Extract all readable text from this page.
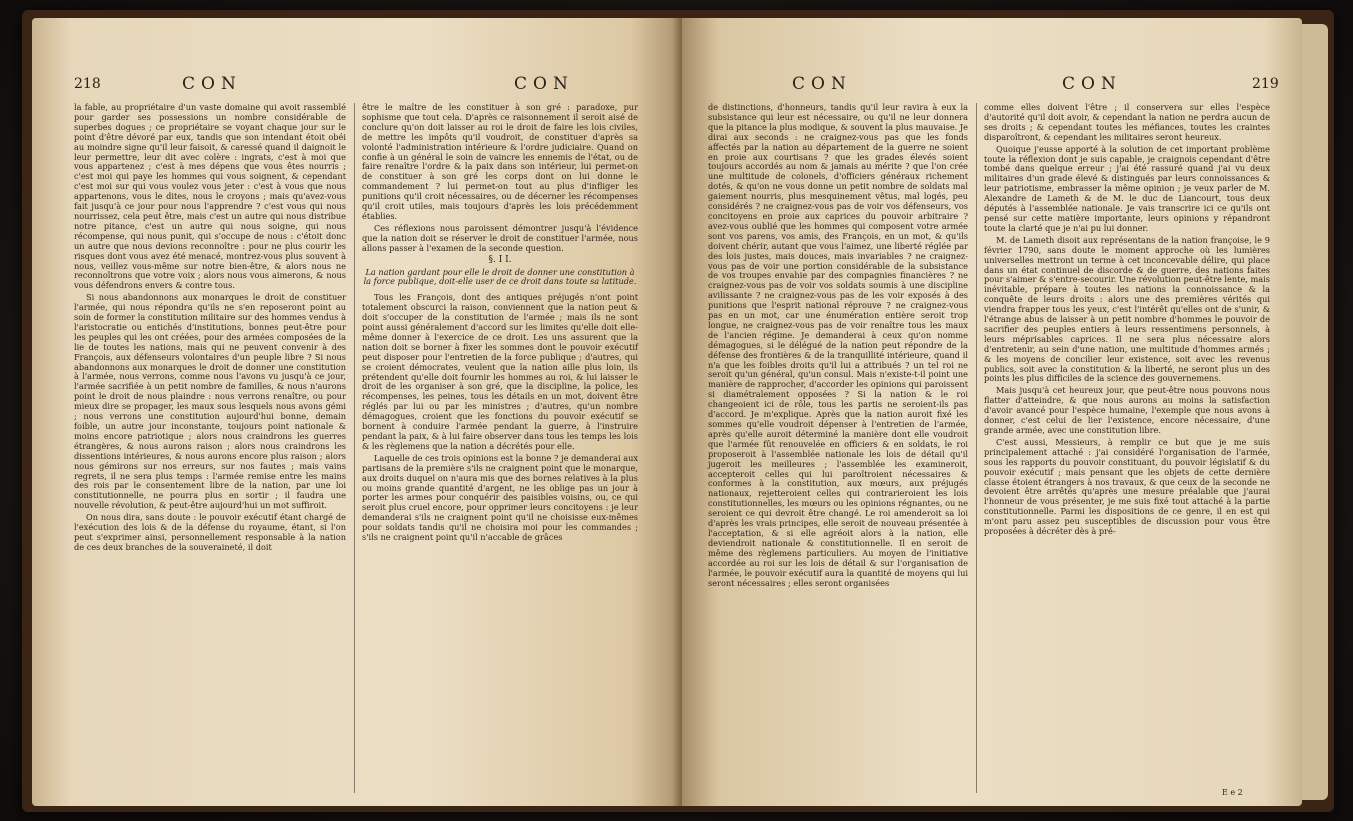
218	CON	CON

la fable, au propriétaire d'un vaste domaine qui avoit rassemblé pour garder ses possessions un nombre considérable de superbes dogues ; ce propriétaire se voyant chaque jour sur le point d'être dévoré par eux, tandis que son intendant étoit obéi au moindre signe qu'il leur faisoit, & caressé quand il daignoit le leur permettre, leur dit avec colère : ingrats, c'est à moi que vous appartenez ; c'est à mes dépens que vous êtes nourris ; c'est moi qui paye les hommes qui vous soignent, & cependant c'est moi sur qui vous voulez vous jeter : c'est à vous que nous appartenons, vous le dites, nous le croyons ; mais qu'avez-vous fait jusqu'à ce jour pour nous l'apprendre ? c'est vous qui nous nourrissez, cela peut être, mais c'est un autre qui nous distribue notre pitance, c'est un autre qui nous soigne, qui nous récompense, qui nous punit, qui s'occupe de nous : c'étoit donc un autre que nous devions reconnoître : pour ne plus courir les risques dont vous avez été menacé, montrez-vous plus souvent à nous, veillez vous-même sur notre bien-être, & alors nous ne reconnoîtrons que votre voix ; alors nous vous aimerons, & nous vous défendrons envers & contre tous.

Si nous abandonnons aux monarques le droit de constituer l'armée, qui nous répondra qu'ils ne s'en reposeront point au soin de former la constitution militaire sur des hommes vendus à l'aristocratie ou entichés d'institutions, bonnes peut-être pour les peuples qui les ont créées, pour des armées composées de la lie de toutes les nations, mais qui ne peuvent convenir à des François, aux défenseurs volontaires d'un peuple libre ? Si nous abandonnons aux monarques le droit de donner une constitution à l'armée, nous verrons, comme nous l'avons vu jusqu'à ce jour, l'armée sacrifiée à un petit nombre de familles, & nous n'aurons point le droit de nous plaindre : nous verrons renaître, ou pour mieux dire se propager, les maux sous lesquels nous avons gémi ; nous verrons une constitution aujourd'hui bonne, demain foible, un autre jour inconstante, toujours point nationale & moins encore patriotique ; alors nous craindrons les guerres étrangères, & nous aurons raison ; alors nous craindrons les dissentions intérieures, & nous aurons encore plus raison ; alors nous gémirons sur nos erreurs, sur nos fautes ; mais vains regrets, il ne sera plus temps : l'armée remise entre les mains des rois par le consentement libre de la nation, par une loi constitutionnelle, ne pourra plus en sortir ; il faudra une nouvelle révolution, & peut-être aujourd'hui un mot suffiroit.

On nous dira, sans doute : le pouvoir exécutif étant chargé de l'exécution des lois & de la défense du royaume, étant, si l'on peut s'exprimer ainsi, personnellement responsable à la nation de ces deux branches de la souveraineté, il doit

être le maître de les constituer à son gré : paradoxe, pur sophisme que tout cela. D'après ce raisonnement il seroit aisé de conclure qu'on doit laisser au roi le droit de faire les lois civiles, de mettre les impôts qu'il voudroit, de constituer d'après sa volonté l'administration intérieure & l'ordre judiciaire. Quand on confie à un général le soin de vaincre les ennemis de l'état, ou de faire renaître l'ordre & la paix dans son intérieur, lui permet-on de constituer à son gré les corps dont on lui donne le commandement ? lui permet-on tout au plus d'infliger les punitions qu'il croit nécessaires, ou de décerner les récompenses qu'il croit utiles, mais toujours d'après les lois précédemment établies.

Ces réflexions nous paroissent démontrer jusqu'à l'évidence que la nation doit se réserver le droit de constituer l'armée, nous allons passer à l'examen de la seconde question.

§. I I.

La nation gardant pour elle le droit de donner une constitution à la force publique, doit-elle user de ce droit dans toute sa latitude.

Tous les François, dont des antiques préjugés n'ont point totalement obscurci la raison, conviennent que la nation peut & doit s'occuper de la constitution de l'armée ; mais ils ne sont point aussi généralement d'accord sur les limites qu'elle doit elle-même donner à l'exercice de ce droit. Les uns assurent que la nation doit se borner à fixer les sommes dont le pouvoir exécutif peut disposer pour l'entretien de la force publique ; d'autres, qui se croient démocrates, veulent que la nation aille plus loin, ils prétendent qu'elle doit fournir les hommes au roi, & lui laisser le droit de les organiser à son gré, que la discipline, la police, les récompenses, les peines, tous les détails en un mot, doivent être réglés par lui ou par les ministres ; d'autres, qu'un nombre démagogues, croient que les fonctions du pouvoir exécutif se bornent à conduire l'armée pendant la guerre, à l'instruire pendant la paix, & à lui faire observer dans tous les temps les lois & les règlemens que la nation a décrétés pour elle.

Laquelle de ces trois opinions est la bonne ? je demanderai aux partisans de la première s'ils ne craignent point que le monarque, aux droits duquel on n'aura mis que des bornes relatives à la plus ou moins grande quantité d'argent, ne les oblige pas un jour à porter les armes pour conquérir des paisibles voisins, ou, ce qui seroit plus cruel encore, pour opprimer leurs concitoyens : je leur demanderai s'ils ne craignent point qu'il ne choisisse eux-mêmes pour soldats tandis qu'il ne choisira moi pour les commandes ; s'ils ne craignent point qu'il n'accable de grâces

CON	CON	219

de distinctions, d'honneurs, tandis qu'il leur ravira à eux la subsistance qui leur est nécessaire, ou qu'il ne leur donnera que la pitance la plus modique, & souvent la plus mauvaise. Je dirai aux seconds : ne craignez-vous pas que les fonds affectés par la nation au département de la guerre ne soient en proie aux courtisans ? que les grades élevés soient toujours accordés au nom & jamais au mérite ? que l'on crée une multitude de colonels, d'officiers généraux richement dotés, & qu'on ne vous donne un petit nombre de soldats mal gaiement nourris, plus mesquinement vêtus, mal logés, peu considérés ? ne craignez-vous pas de voir vos défenseurs, vos concitoyens en proie aux caprices du pouvoir arbitraire ? avez-vous oublié que les hommes qui composent votre armée sont vos parens, vos amis, des François, en un mot, & qu'ils doivent chérir, autant que vous l'aimez, une liberté réglée par des lois justes, mais douces, mais invariables ? ne craignez-vous pas de voir une portion considérable de la subsistance de vos troupes envahie par des compagnies financières ? ne craignez-vous pas de voir vos soldats soumis à une discipline avilissante ? ne craignez-vous pas de les voir exposés à des punitions que l'esprit national réprouve ? ne craignez-vous pas en un mot, car une énumération entière seroit trop longue, ne craignez-vous pas de voir renaître tous les maux de l'ancien régime. Je demanderai à ceux qu'on nomme démagogues, si le délégué de la nation peut répondre de la défense des frontières & de la tranquillité intérieure, quand il n'a que les foibles droits qu'il lui a attribués ? un tel roi ne seroit qu'un général, qu'un consul. Mais n'existe-t-il point une manière de rapprocher, d'accorder les opinions qui paroissent si diamétralement opposées ? Si la nation & le roi changeoient ici de rôle, tous les partis ne seroient-ils pas d'accord. Je m'explique. Après que la nation auroit fixé les sommes qu'elle voudroit dépenser à l'entretien de l'armée, après qu'elle auroit déterminé la manière dont elle voudroit que l'armée fût renouvelée en officiers & en soldats, le roi proposeroit à l'assemblée nationale les lois de détail qu'il jugeroit les meilleures ; l'assemblée les examineroit, accepteroit celles qui lui paroîtroient nécessaires & conformes à la constitution, aux mœurs, aux préjugés nationaux, rejetteroient celles qui contrarieroient les lois constitutionnelles, les mœurs ou les opinions régnantes, ou ne seroient ce qui devroit être changé. Le roi amenderoit sa loi d'après les vrais principes, elle seroit de nouveau présentée à l'acceptation, & si elle agréoit alors à la nation, elle deviendroit nationale & constitutionnelle. Il en seroit de même des règlemens particuliers. Au moyen de l'initiative accordée au roi sur les lois de détail & sur l'organisation de l'armée, le pouvoir exécutif aura la quantité de moyens qui lui seront nécessaires ; elles seront organisées

comme elles doivent l'être ; il conservera sur elles l'espèce d'autorité qu'il doit avoir, & cependant la nation ne perdra aucun de ses droits ; & cependant toutes les méfiances, toutes les craintes disparoîtront, & cependant les militaires seront heureux.

Quoique j'eusse apporté à la solution de cet important problème toute la réflexion dont je suis capable, je craignois cependant d'être tombé dans quelque erreur ; j'ai été rassuré quand j'ai vu deux militaires d'un grade élevé & distingués par leurs connoissances & leur patriotisme, embrasser la même opinion ; je veux parler de M. Alexandre de Lameth & de M. le duc de Liancourt, tous deux députés à l'assemblée nationale. Je vais transcrire ici ce qu'ils ont pensé sur cette matière importante, leurs opinions y répandront toute la clarté que je n'ai pu lui donner.

M. de Lameth disoit aux représentans de la nation françoise, le 9 février 1790, sans doute le moment approche où les lumières universelles mettront un terme à cet inconcevable délire, qui place dans un état continuel de discorde & de guerre, des nations faites pour s'aimer & s'entre-secourir. Une révolution peut-être lente, mais inévitable, prépare à toutes les nations la connoissance & la conquête de leurs droits : alors une des premières vérités qui viendra frapper tous les yeux, c'est l'intérêt qu'elles ont de s'unir, & l'étrange abus de laisser à un petit nombre d'hommes le pouvoir de sacrifier des peuples entiers à leurs ressentimens personnels, à leurs méprisables caprices. Il ne sera plus nécessaire alors d'entretenir, au sein d'une nation, une multitude d'hommes armés ; & les moyens de concilier leur existence, soit avec les revenus publics, soit avec la constitution & la liberté, ne seront plus un des points les plus difficiles de la science des gouvernemens.

Mais jusqu'à cet heureux jour, que peut-être nous pouvons nous flatter d'atteindre, & que nous aurons au moins la satisfaction d'avoir avancé pour l'espèce humaine, l'exemple que nous avons à donner, c'est celui de lier l'existence, encore nécessaire, d'une grande armée, avec une constitution libre.

C'est aussi, Messieurs, à remplir ce but que je me suis principalement attaché : j'ai considéré l'organisation de l'armée, sous les rapports du pouvoir constituant, du pouvoir législatif & du pouvoir exécutif ; mais pensant que les objets de cette dernière classe étoient étrangers à nos travaux, & que ceux de la seconde ne devoient être arrêtés qu'après une mesure préalable que j'aurai l'honneur de vous présenter, je me suis fixé tout attaché à la partie constitutionnelle. Parmi les dispositions de ce genre, il en est qui m'ont paru assez peu susceptibles de discussion pour vous être proposées à décréter dès à pré-

E e 2
